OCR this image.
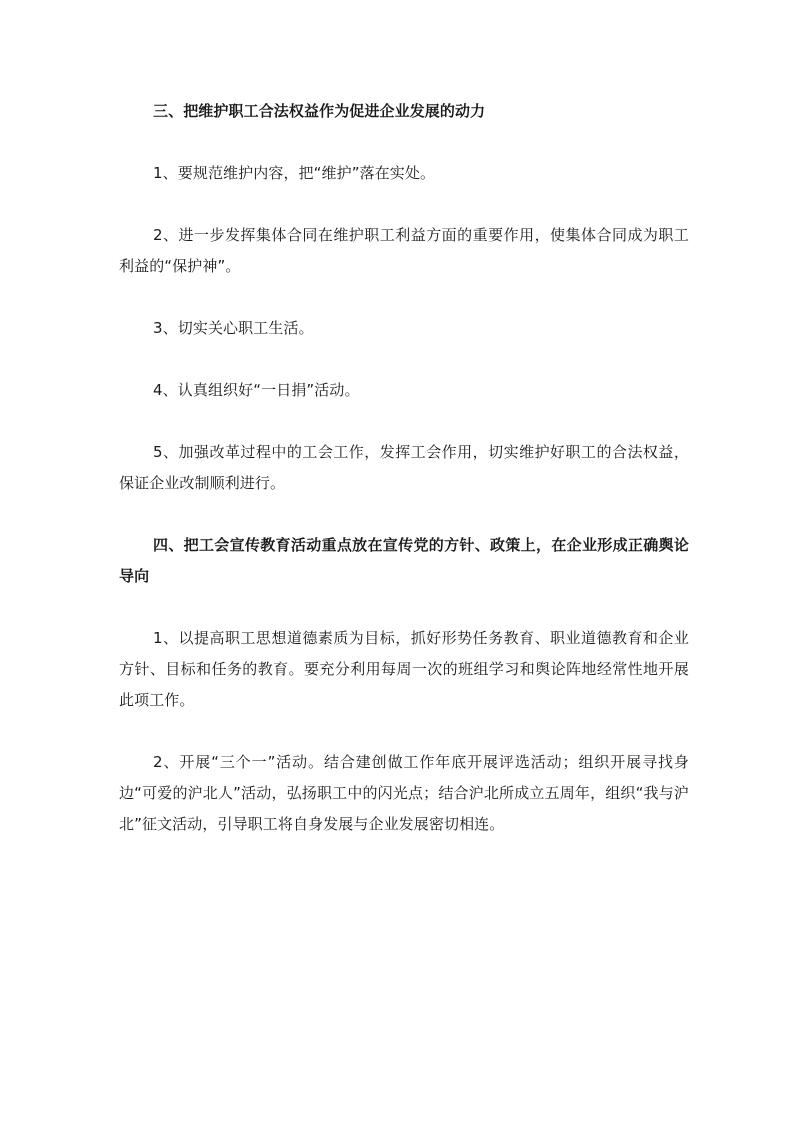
三、把维护职工合法权益作为促进企业发展的动力

1、要规范维护内容，把“维护”落在实处。

2、进一步发挥集体合同在维护职工利益方面的重要作用，使集体合同成为职工利益的“保护神”。

3、切实关心职工生活。

4、认真组织好“一日捐”活动。

5、加强改革过程中的工会工作，发挥工会作用，切实维护好职工的合法权益，保证企业改制顺利进行。

四、把工会宣传教育活动重点放在宣传党的方针、政策上，在企业形成正确舆论导向

1、以提高职工思想道德素质为目标，抓好形势任务教育、职业道德教育和企业方针、目标和任务的教育。要充分利用每周一次的班组学习和舆论阵地经常性地开展此项工作。

2、开展“三个一”活动。结合建创做工作年底开展评选活动；组织开展寻找身边“可爱的沪北人”活动，弘扬职工中的闪光点；结合沪北所成立五周年，组织“我与沪北”征文活动，引导职工将自身发展与企业发展密切相连。
